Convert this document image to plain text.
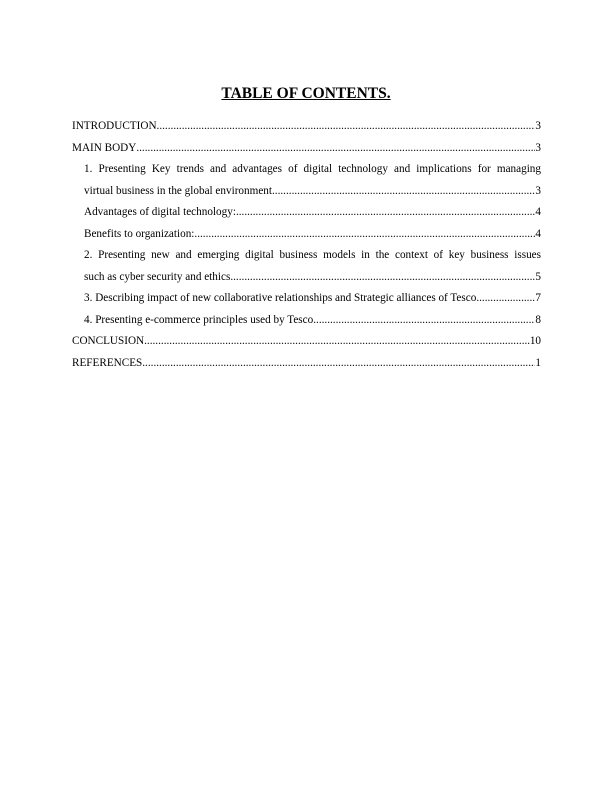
TABLE OF CONTENTS.
INTRODUCTION .....	3
MAIN BODY .....	3
1. Presenting Key trends and advantages of digital technology and implications for managing
virtual business in the global environment. .....	3
Advantages of digital technology: .....	4
Benefits to organization: .....	4
2. Presenting new and emerging digital business models in the context of key business issues
such as cyber security and ethics .....	5
3. Describing impact of new collaborative relationships and Strategic alliances of Tesco .....	7
4. Presenting e-commerce principles used by Tesco .....	8
CONCLUSION .....	10
REFERENCES .....	1
